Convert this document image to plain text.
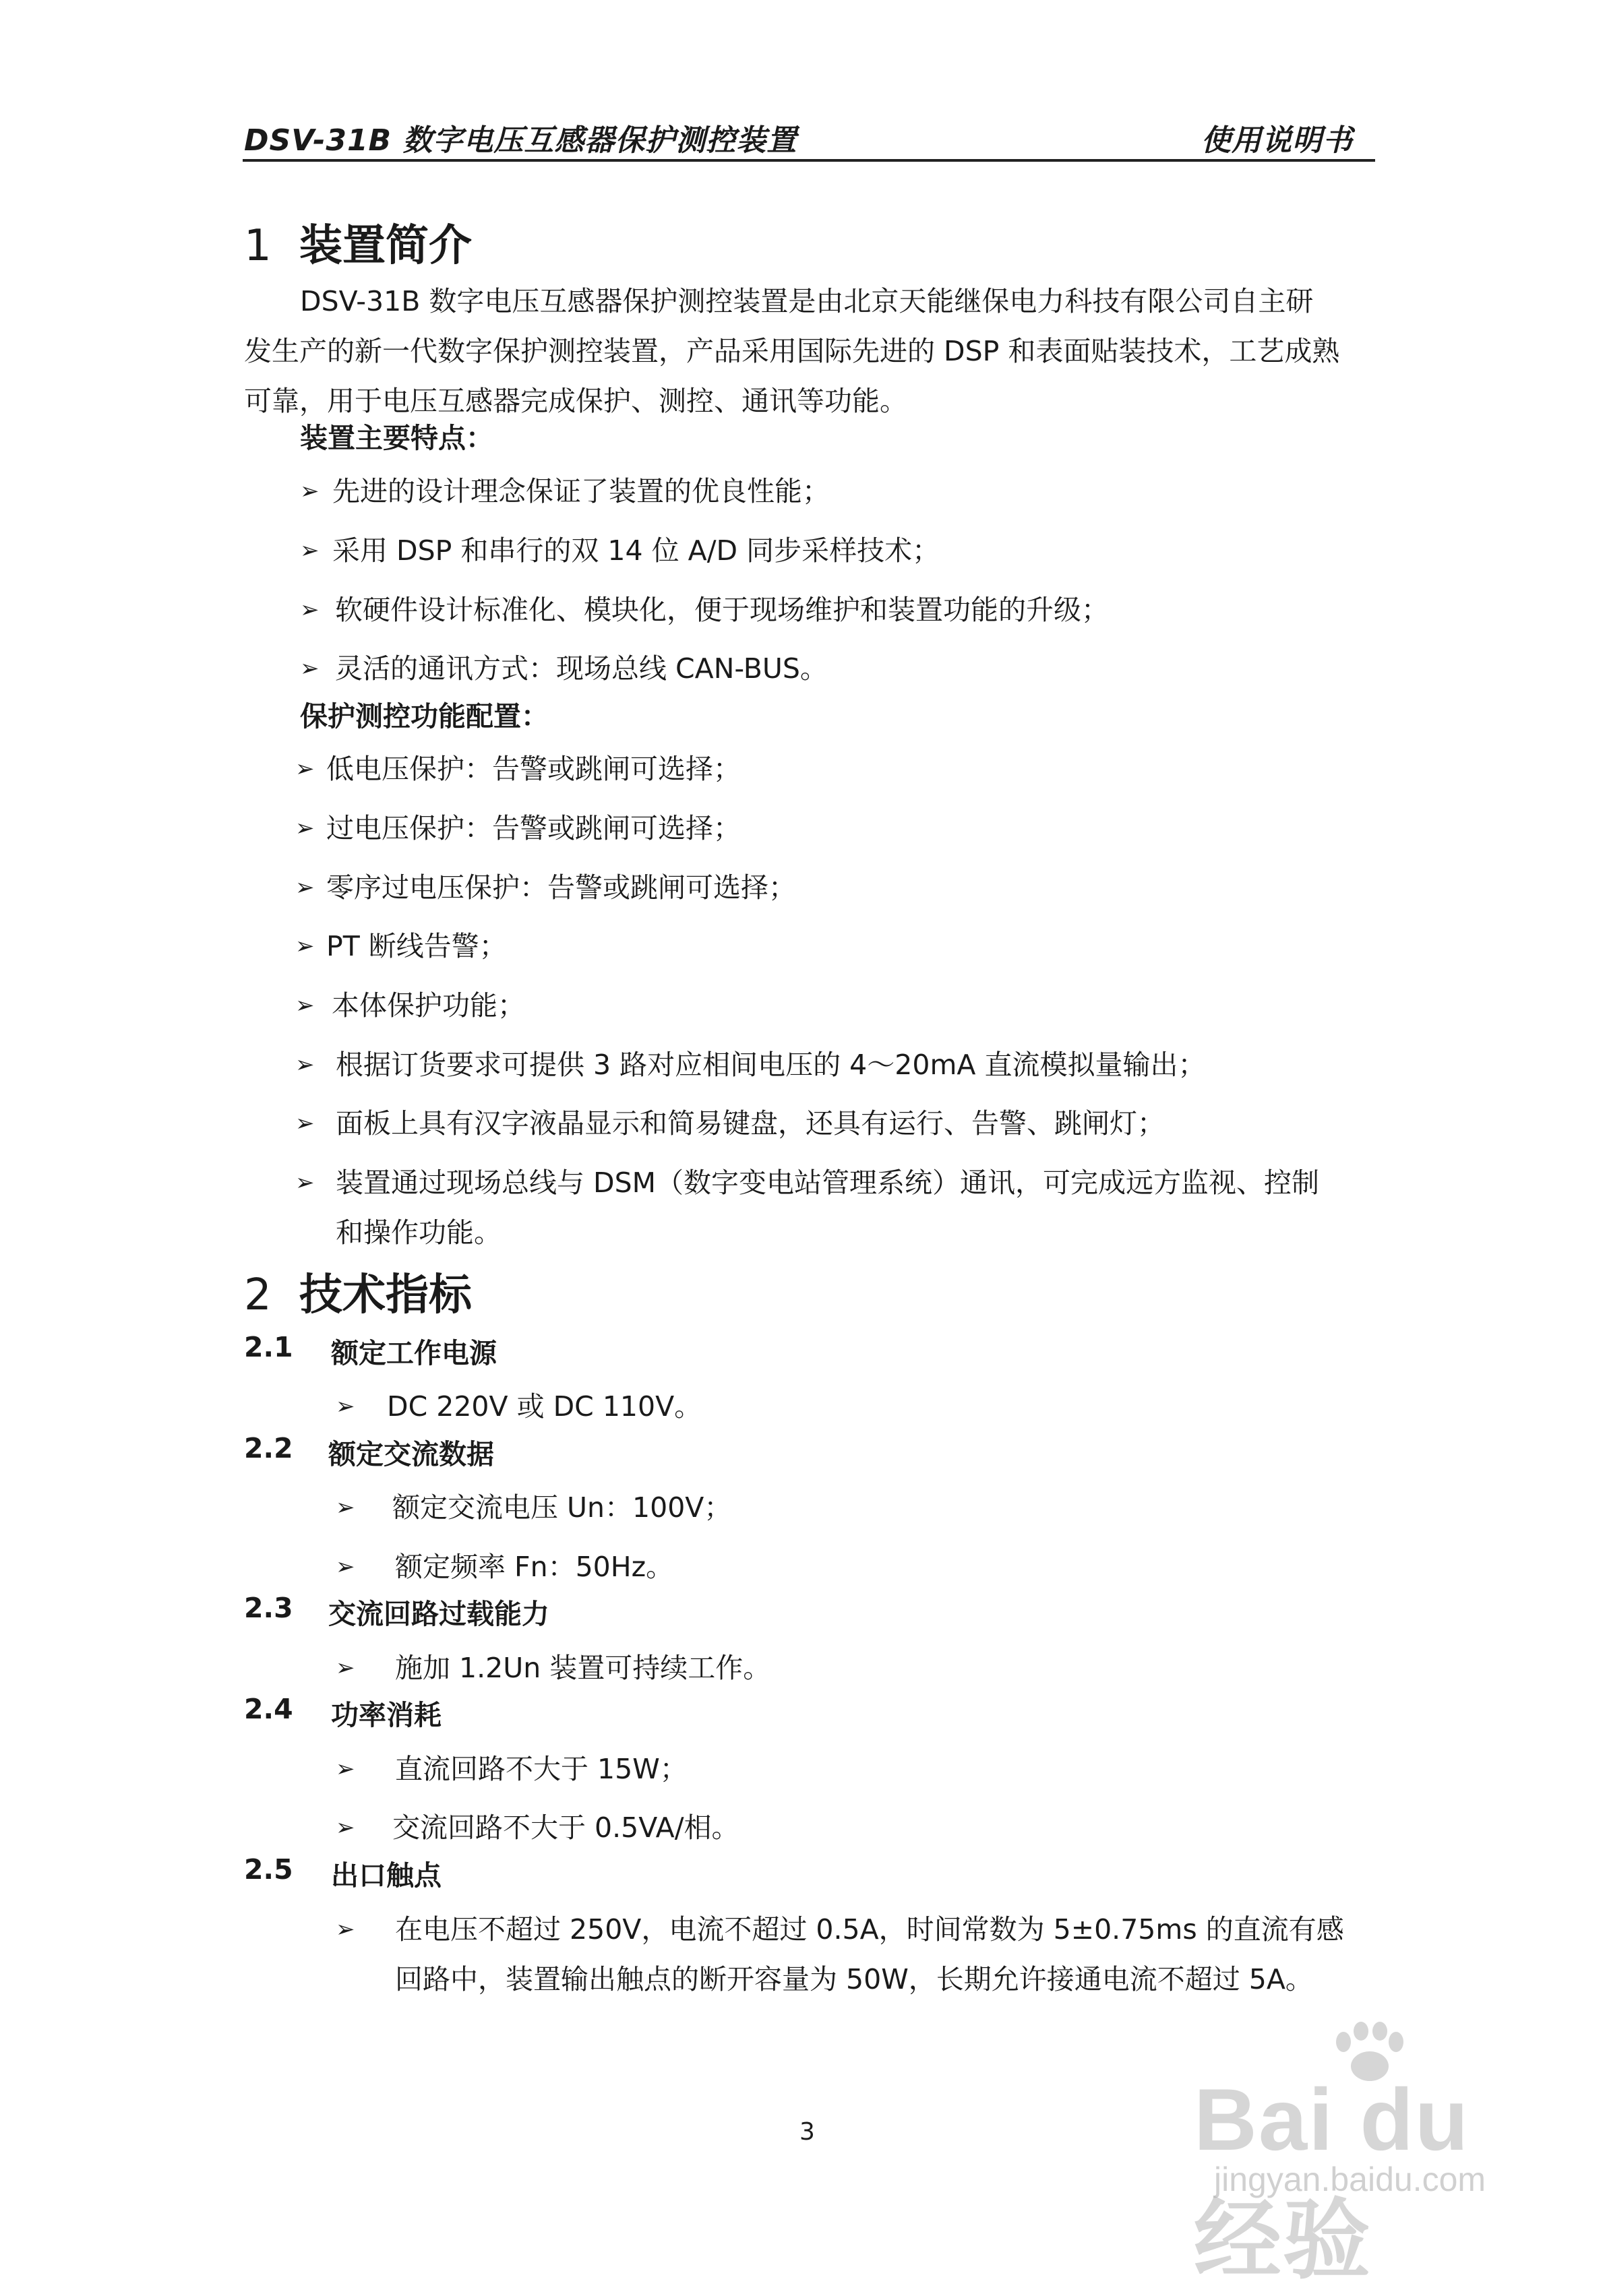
DSV-31B 数字电压互感器保护测控装置	使用说明书
1 装置简介
DSV-31B 数字电压互感器保护测控装置是由北京天能继保电力科技有限公司自主研
发生产的新一代数字保护测控装置，产品采用国际先进的 DSP 和表面贴装技术，工艺成熟
可靠，用于电压互感器完成保护、测控、通讯等功能。
装置主要特点：
➢ 先进的设计理念保证了装置的优良性能；
➢ 采用 DSP 和串行的双 14 位 A/D 同步采样技术；
➢ 软硬件设计标准化、模块化，便于现场维护和装置功能的升级；
➢ 灵活的通讯方式：现场总线 CAN-BUS。
保护测控功能配置：
➢ 低电压保护：告警或跳闸可选择；
➢ 过电压保护：告警或跳闸可选择；
➢ 零序过电压保护：告警或跳闸可选择；
➢ PT 断线告警；
➢ 本体保护功能；
➢ 根据订货要求可提供 3 路对应相间电压的 4～20mA 直流模拟量输出；
➢ 面板上具有汉字液晶显示和简易键盘，还具有运行、告警、跳闸灯；
➢ 装置通过现场总线与 DSM（数字变电站管理系统）通讯，可完成远方监视、控制
和操作功能。
2 技术指标
2.1 额定工作电源
➢ DC 220V 或 DC 110V。
2.2 额定交流数据
➢ 额定交流电压 Un：100V；
➢ 额定频率 Fn：50Hz。
2.3 交流回路过载能力
➢ 施加 1.2Un 装置可持续工作。
2.4 功率消耗
➢ 直流回路不大于 15W；
➢ 交流回路不大于 0.5VA/相。
2.5 出口触点
➢ 在电压不超过 250V，电流不超过 0.5A，时间常数为 5±0.75ms 的直流有感
回路中，装置输出触点的断开容量为 50W，长期允许接通电流不超过 5A。
3	Bai du 经验
jingyan.baidu.com
